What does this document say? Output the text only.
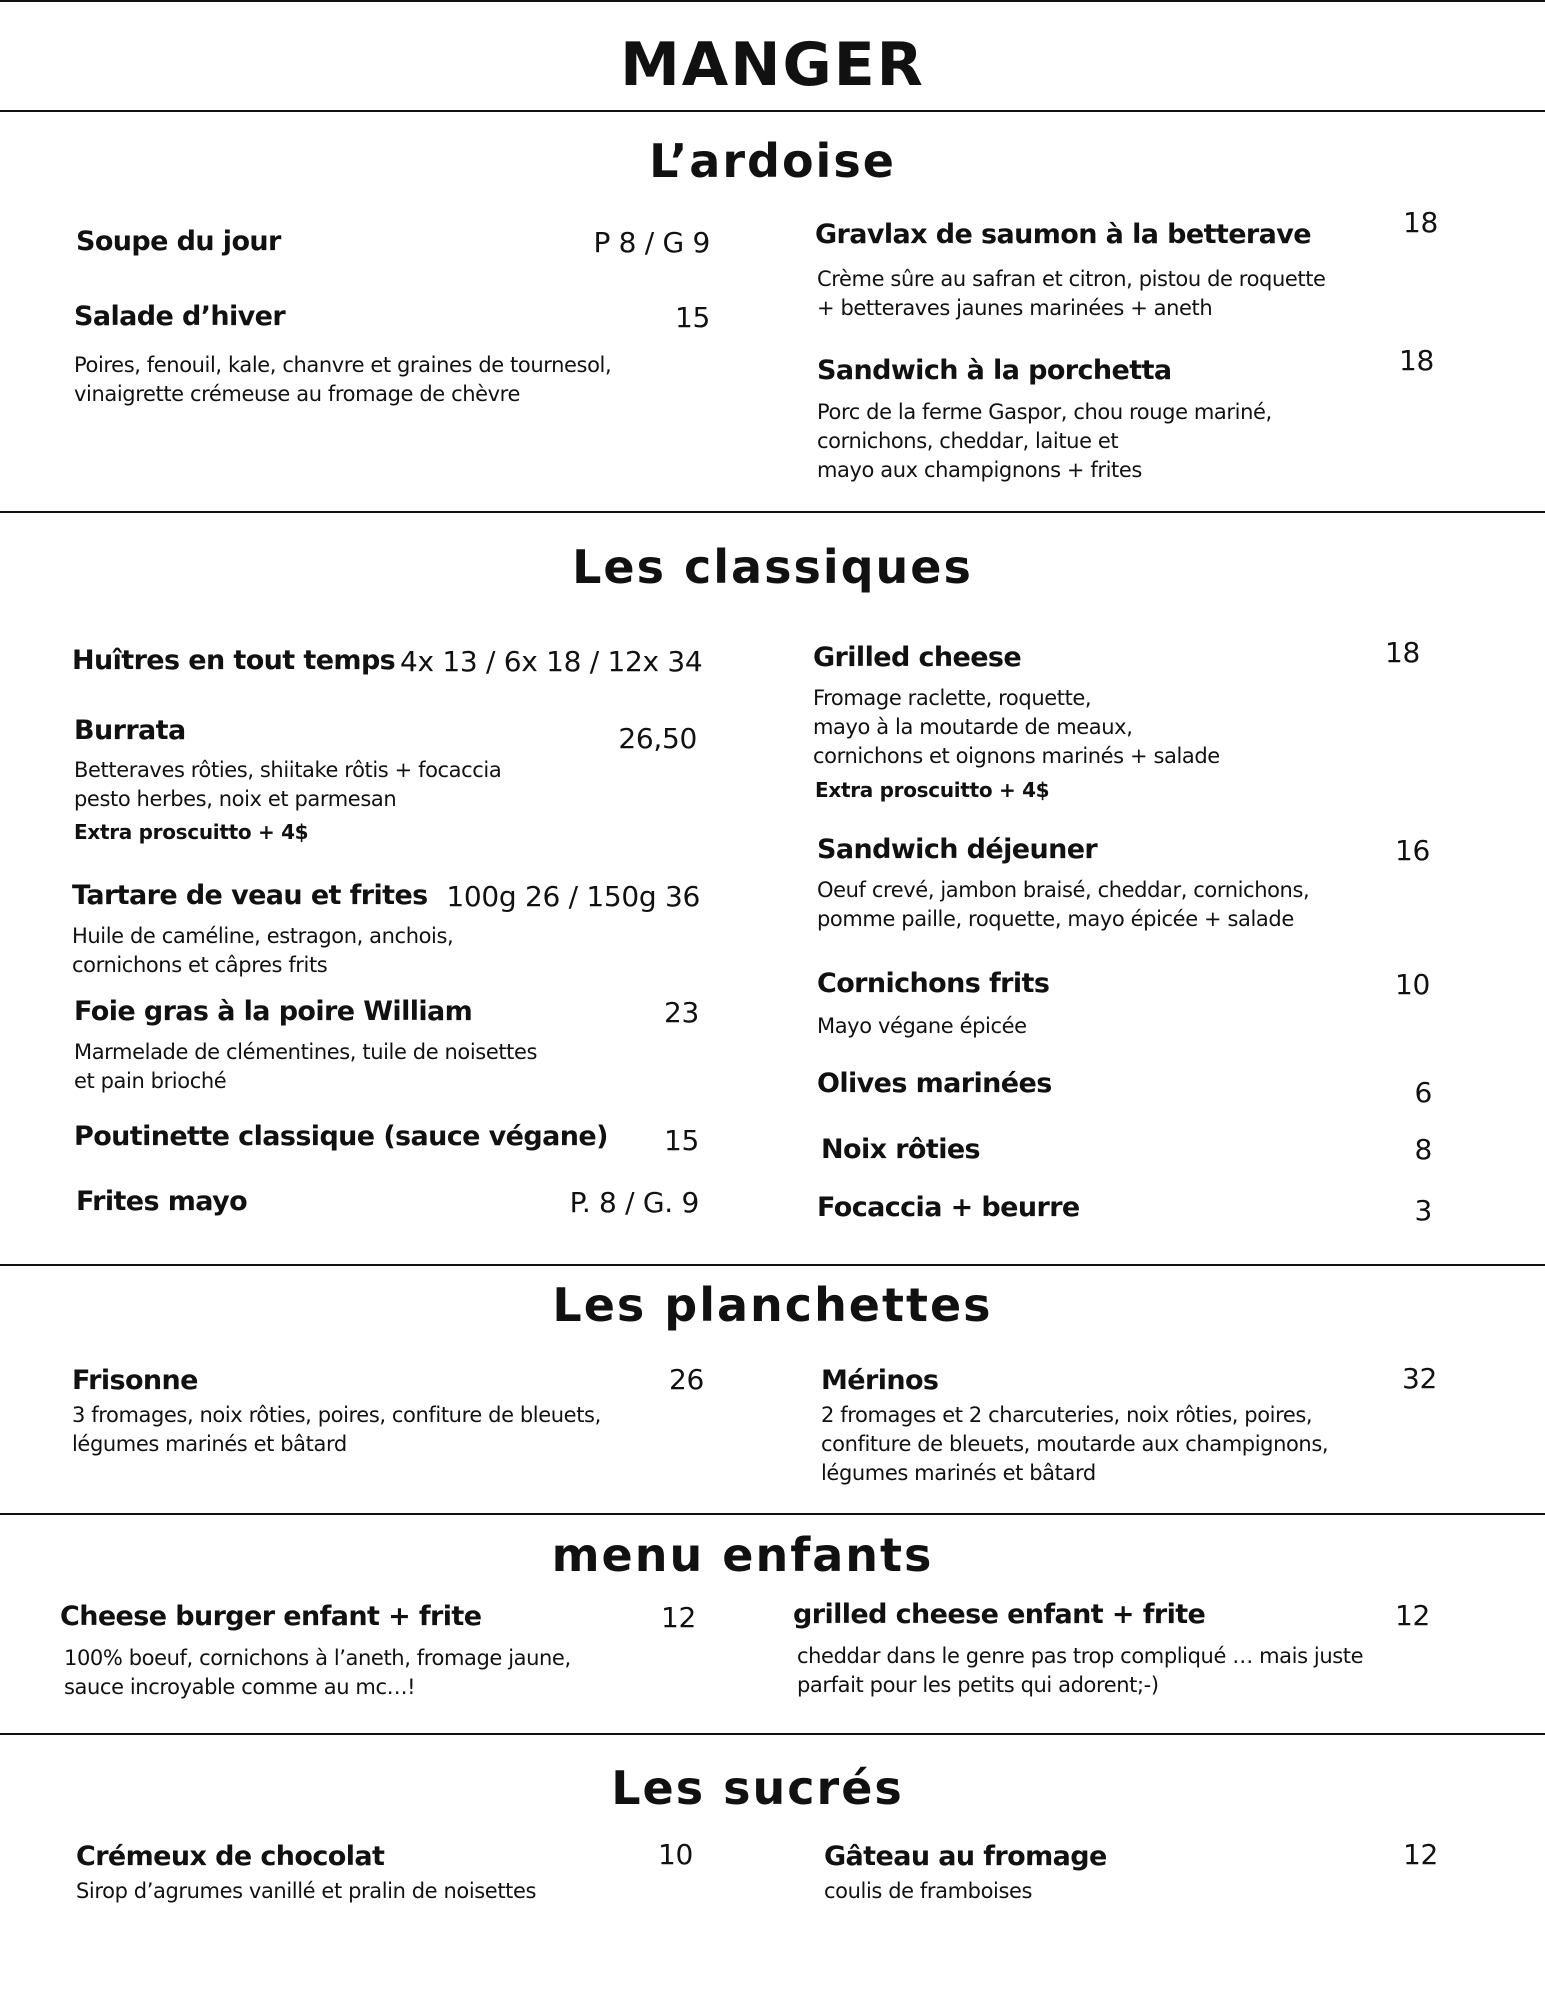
MANGER
L’ardoise
Soupe du jour	P 8 / G 9
Salade d’hiver	15
Poires, fenouil, kale, chanvre et graines de tournesol,
vinaigrette crémeuse au fromage de chèvre
Gravlax de saumon à la betterave	18
Crème sûre au safran et citron, pistou de roquette
+ betteraves jaunes marinées + aneth
Sandwich à la porchetta	18
Porc de la ferme Gaspor, chou rouge mariné,
cornichons, cheddar, laitue et
mayo aux champignons + frites
Les classiques
Huîtres en tout temps 4x 13 / 6x 18 / 12x 34
Burrata	26,50
Betteraves rôties, shiitake rôtis + focaccia
pesto herbes, noix et parmesan
Extra proscuitto + 4$
Tartare de veau et frites 100g 26 / 150g 36
Huile de caméline, estragon, anchois,
cornichons et câpres frits
Foie gras à la poire William	23
Marmelade de clémentines, tuile de noisettes
et pain brioché
Poutinette classique (sauce végane)	15
Frites mayo	P. 8 / G. 9
Grilled cheese	18
Fromage raclette, roquette,
mayo à la moutarde de meaux,
cornichons et oignons marinés + salade
Extra proscuitto + 4$
Sandwich déjeuner	16
Oeuf crevé, jambon braisé, cheddar, cornichons,
pomme paille, roquette, mayo épicée + salade
Cornichons frits	10
Mayo végane épicée
Olives marinées	6
Noix rôties	8
Focaccia + beurre	3
Les planchettes
Frisonne	26
3 fromages, noix rôties, poires, confiture de bleuets,
légumes marinés et bâtard
Mérinos	32
2 fromages et 2 charcuteries, noix rôties, poires,
confiture de bleuets, moutarde aux champignons,
légumes marinés et bâtard
menu enfants
Cheese burger enfant + frite	12
100% boeuf, cornichons à l’aneth, fromage jaune,
sauce incroyable comme au mc…!
grilled cheese enfant + frite	12
cheddar dans le genre pas trop compliqué … mais juste
parfait pour les petits qui adorent;-)
Les sucrés
Crémeux de chocolat	10
Sirop d’agrumes vanillé et pralin de noisettes
Gâteau au fromage	12
coulis de framboises
